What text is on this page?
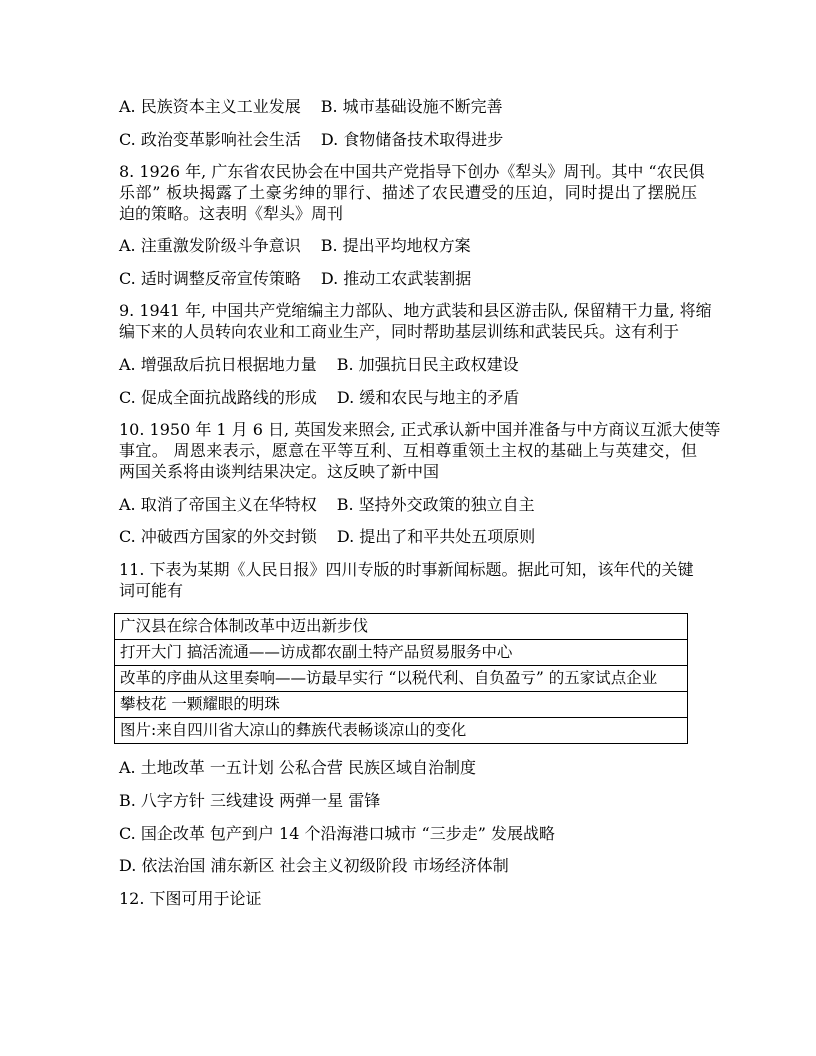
A. 民族资本主义工业发展 B. 城市基础设施不断完善
C. 政治变革影响社会生活 D. 食物储备技术取得进步
8. 1926 年, 广东省农民协会在中国共产党指导下创办《犁头》周刊。其中 “农民俱
乐部” 板块揭露了土豪劣绅的罪行、描述了农民遭受的压迫，同时提出了摆脱压
迫的策略。这表明《犁头》周刊
A. 注重激发阶级斗争意识 B. 提出平均地权方案
C. 适时调整反帝宣传策略 D. 推动工农武装割据
9. 1941 年, 中国共产党缩编主力部队、地方武装和县区游击队, 保留精干力量, 将缩
编下来的人员转向农业和工商业生产，同时帮助基层训练和武装民兵。这有利于
A. 增强敌后抗日根据地力量 B. 加强抗日民主政权建设
C. 促成全面抗战路线的形成 D. 缓和农民与地主的矛盾
10. 1950 年 1 月 6 日, 英国发来照会, 正式承认新中国并准备与中方商议互派大使等
事宜。 周恩来表示，愿意在平等互利、互相尊重领土主权的基础上与英建交，但
两国关系将由谈判结果决定。这反映了新中国
A. 取消了帝国主义在华特权 B. 坚持外交政策的独立自主
C. 冲破西方国家的外交封锁 D. 提出了和平共处五项原则
11. 下表为某期《人民日报》四川专版的时事新闻标题。据此可知，该年代的关键
词可能有
广汉县在综合体制改革中迈出新步伐
打开大门 搞活流通——访成都农副土特产品贸易服务中心
改革的序曲从这里奏响——访最早实行 “以税代利、自负盈亏” 的五家试点企业
攀枝花 一颗耀眼的明珠
图片:来自四川省大凉山的彝族代表畅谈凉山的变化
A. 土地改革 一五计划 公私合营 民族区域自治制度
B. 八字方针 三线建设 两弹一星 雷锋
C. 国企改革 包产到户 14 个沿海港口城市 “三步走” 发展战略
D. 依法治国 浦东新区 社会主义初级阶段 市场经济体制
12. 下图可用于论证
